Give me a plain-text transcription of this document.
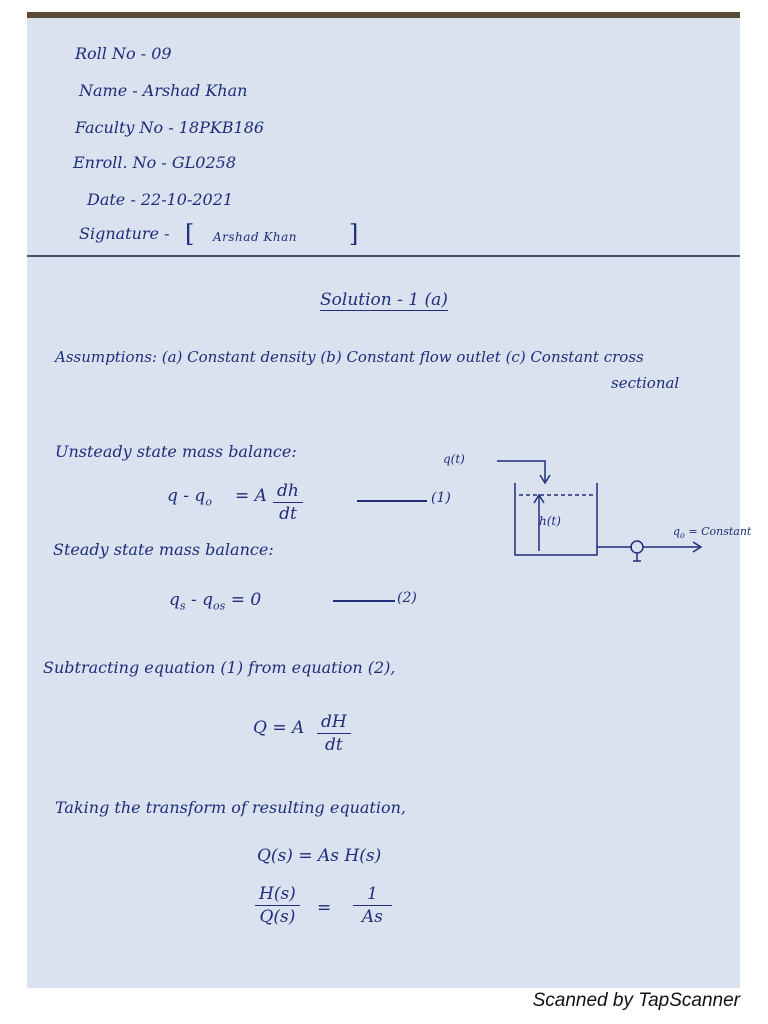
Roll No - 09
Name - Arshad Khan
Faculty No - 18PKB186
Enroll. No - GL0258
Date - 22-10-2021
Signature - [ Arshad Khan ]
Solution - 1 (a)
Assumptions: (a) Constant density (b) Constant flow outlet (c) Constant cross
sectional
Unsteady state mass balance:
$q - q_o = A \frac{dh}{dt}$	(1)
q(t)
h(t)
$q_o$ = Constant
Steady state mass balance:
$q_s - q_{os} = 0$	(2)
Subtracting equation (1) from equation (2),
Q = A $\frac{dH}{dt}$
Taking the transform of resulting equation,
Q(s) = As H(s)
$\frac{H(s)}{Q(s)} = \frac{1}{As}$
Scanned by TapScanner
